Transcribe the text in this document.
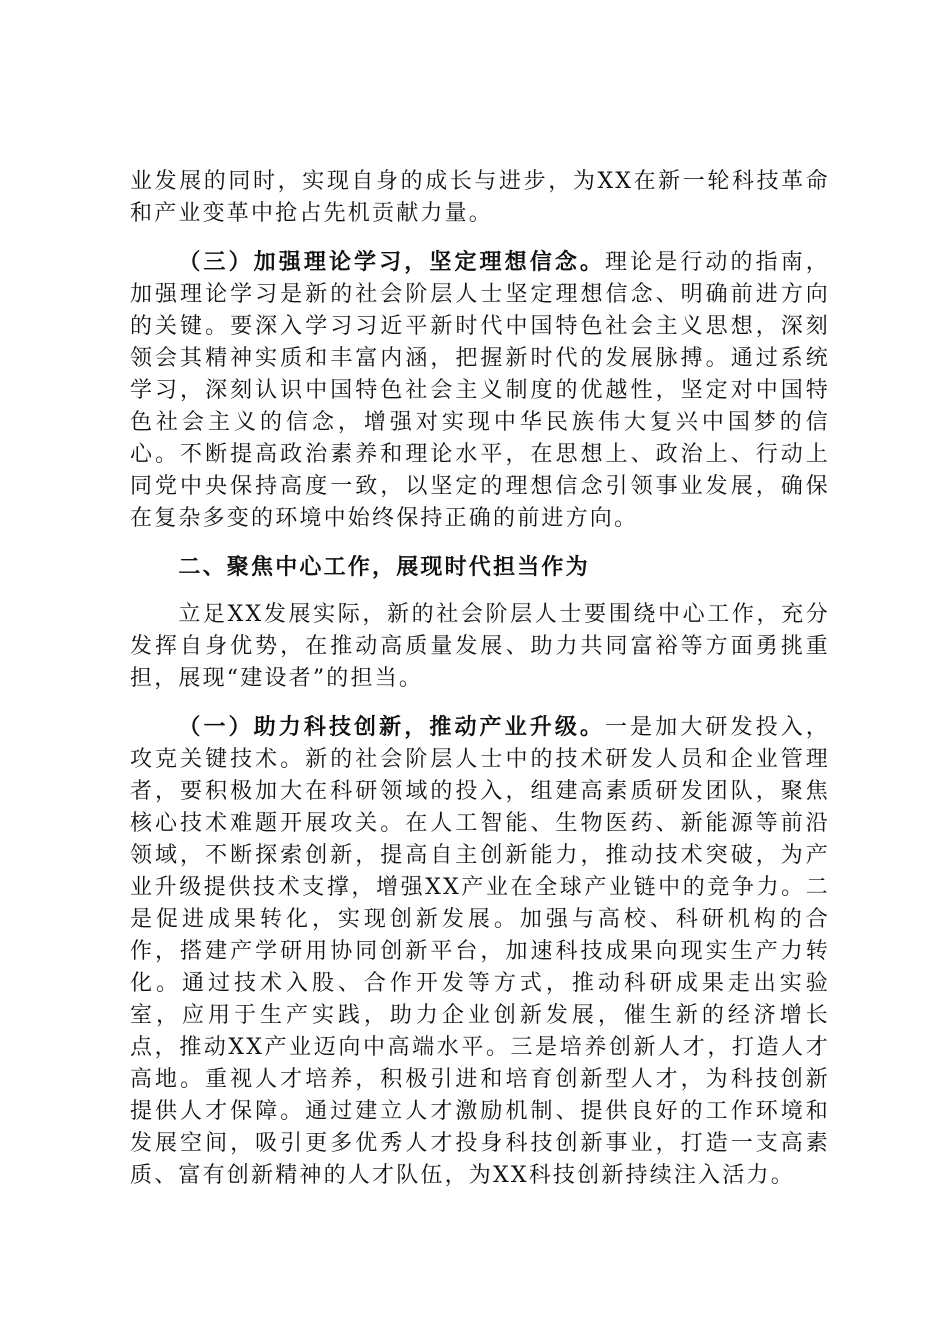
业发展的同时，实现自身的成长与进步，为XX在新一轮科技革命和产业变革中抢占先机贡献力量。

（三）加强理论学习，坚定理想信念。理论是行动的指南，加强理论学习是新的社会阶层人士坚定理想信念、明确前进方向的关键。要深入学习习近平新时代中国特色社会主义思想，深刻领会其精神实质和丰富内涵，把握新时代的发展脉搏。通过系统学习，深刻认识中国特色社会主义制度的优越性，坚定对中国特色社会主义的信念，增强对实现中华民族伟大复兴中国梦的信心。不断提高政治素养和理论水平，在思想上、政治上、行动上同党中央保持高度一致，以坚定的理想信念引领事业发展，确保在复杂多变的环境中始终保持正确的前进方向。

二、聚焦中心工作，展现时代担当作为

立足XX发展实际，新的社会阶层人士要围绕中心工作，充分发挥自身优势，在推动高质量发展、助力共同富裕等方面勇挑重担，展现“建设者”的担当。

（一）助力科技创新，推动产业升级。一是加大研发投入，攻克关键技术。新的社会阶层人士中的技术研发人员和企业管理者，要积极加大在科研领域的投入，组建高素质研发团队，聚焦核心技术难题开展攻关。在人工智能、生物医药、新能源等前沿领域，不断探索创新，提高自主创新能力，推动技术突破，为产业升级提供技术支撑，增强XX产业在全球产业链中的竞争力。二是促进成果转化，实现创新发展。加强与高校、科研机构的合作，搭建产学研用协同创新平台，加速科技成果向现实生产力转化。通过技术入股、合作开发等方式，推动科研成果走出实验室，应用于生产实践，助力企业创新发展，催生新的经济增长点，推动XX产业迈向中高端水平。三是培养创新人才，打造人才高地。重视人才培养，积极引进和培育创新型人才，为科技创新提供人才保障。通过建立人才激励机制、提供良好的工作环境和发展空间，吸引更多优秀人才投身科技创新事业，打造一支高素质、富有创新精神的人才队伍，为XX科技创新持续注入活力。
